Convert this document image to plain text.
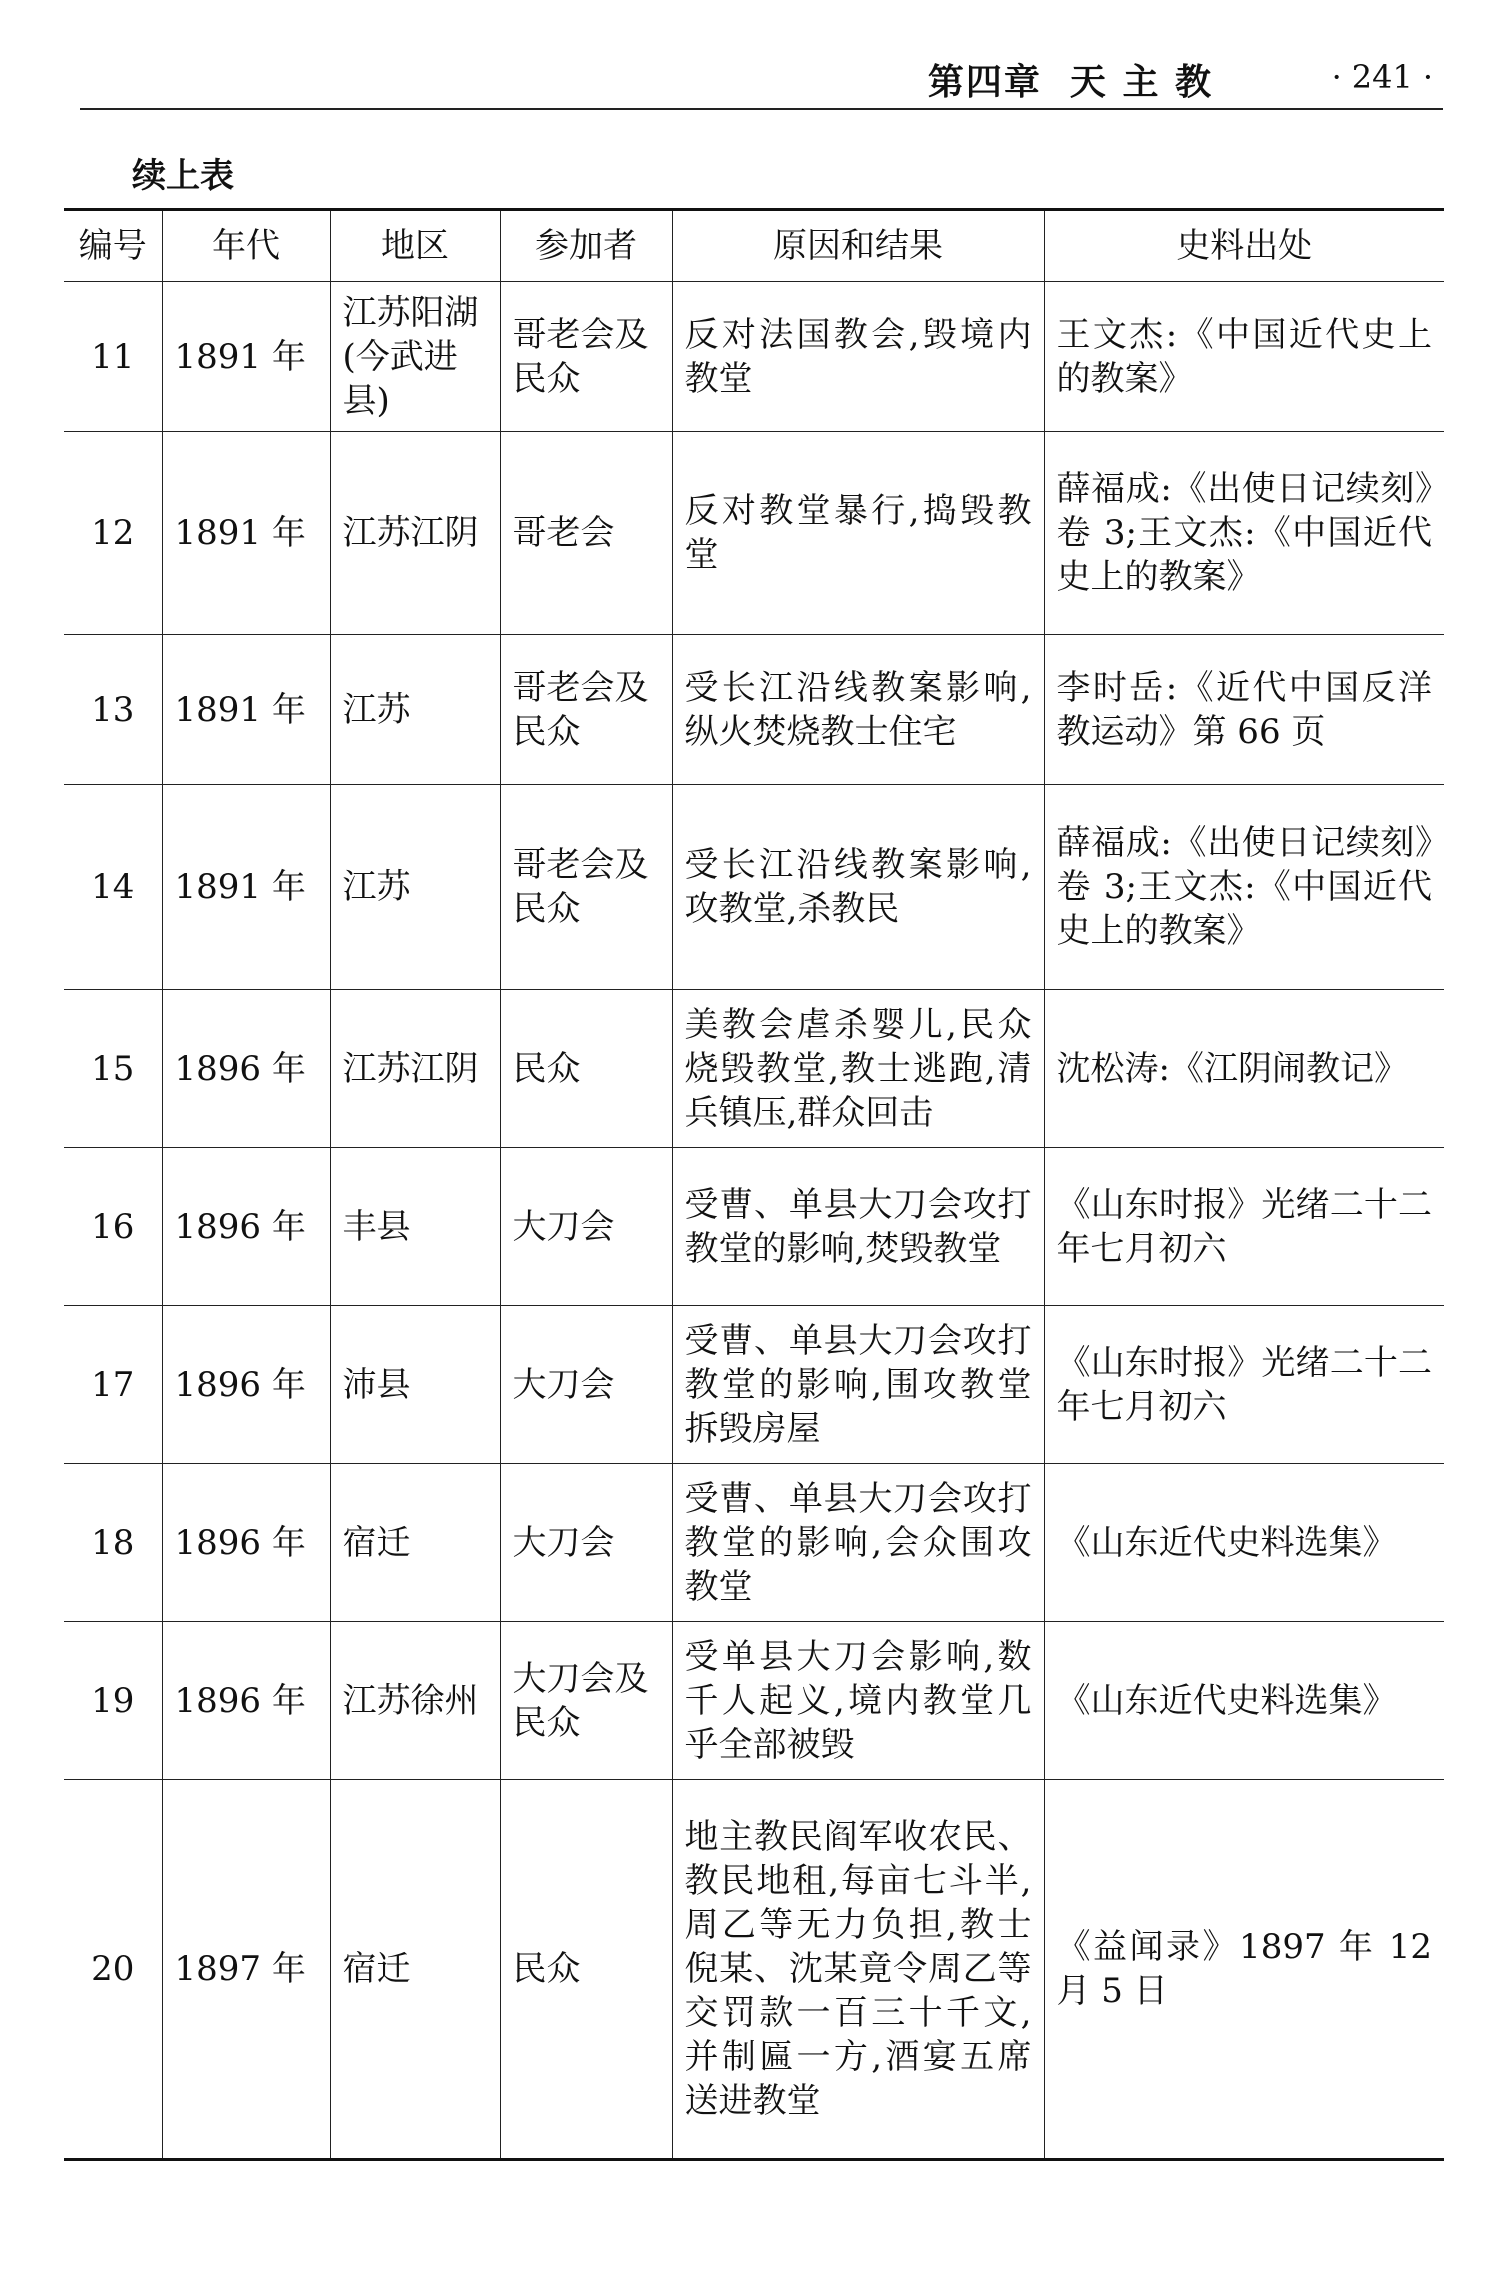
第四章 天 主 教	· 241 ·
续上表
编号	年代	地区	参加者	原因和结果	史料出处
11	1891 年	江苏阳湖(今武进县)	哥老会及民众	反对法国教会,毁境内教堂	王文杰:《中国近代史上的教案》
12	1891 年	江苏江阴	哥老会	反对教堂暴行,捣毁教堂	薛福成:《出使日记续刻》卷 3;王文杰:《中国近代史上的教案》
13	1891 年	江苏	哥老会及民众	受长江沿线教案影响,纵火焚烧教士住宅	李时岳:《近代中国反洋教运动》第 66 页
14	1891 年	江苏	哥老会及民众	受长江沿线教案影响,攻教堂,杀教民	薛福成:《出使日记续刻》卷 3;王文杰:《中国近代史上的教案》
15	1896 年	江苏江阴	民众	美教会虐杀婴儿,民众烧毁教堂,教士逃跑,清兵镇压,群众回击	沈松涛:《江阴闹教记》
16	1896 年	丰县	大刀会	受曹、单县大刀会攻打教堂的影响,焚毁教堂	《山东时报》光绪二十二年七月初六
17	1896 年	沛县	大刀会	受曹、单县大刀会攻打教堂的影响,围攻教堂拆毁房屋	《山东时报》光绪二十二年七月初六
18	1896 年	宿迁	大刀会	受曹、单县大刀会攻打教堂的影响,会众围攻教堂	《山东近代史料选集》
19	1896 年	江苏徐州	大刀会及民众	受单县大刀会影响,数千人起义,境内教堂几乎全部被毁	《山东近代史料选集》
20	1897 年	宿迁	民众	地主教民阎军收农民、教民地租,每亩七斗半,周乙等无力负担,教士倪某、沈某竟令周乙等交罚款一百三十千文,并制匾一方,酒宴五席送进教堂	《益闻录》1897 年 12 月 5 日
